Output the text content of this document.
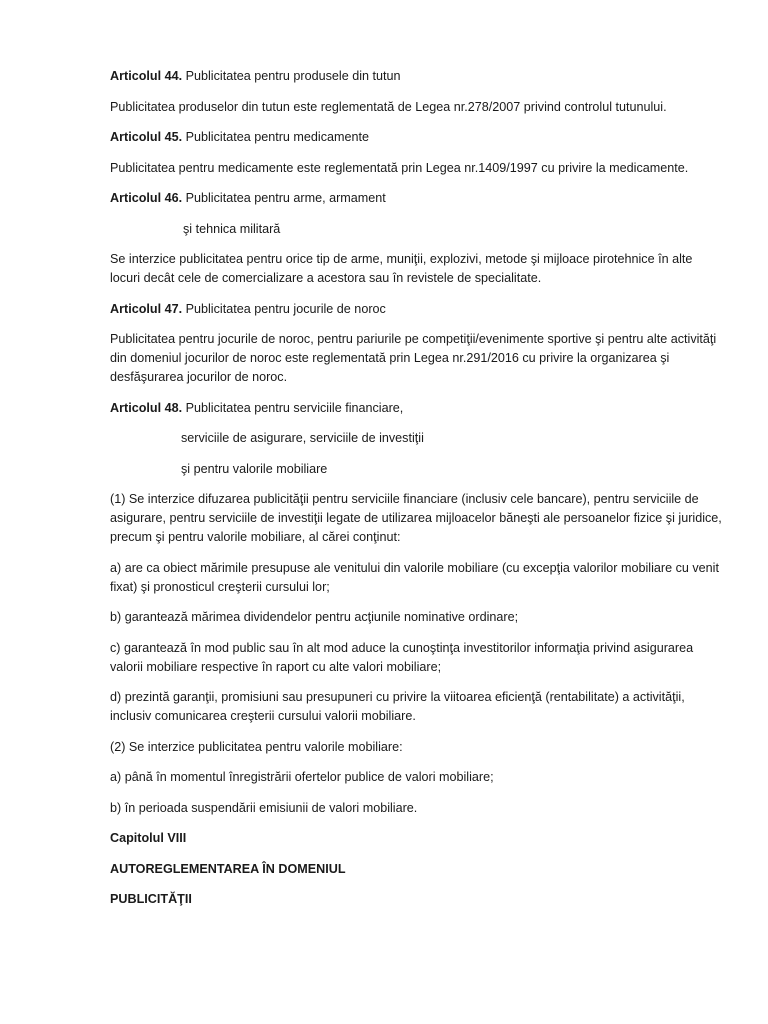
Articolul 44. Publicitatea pentru produsele din tutun

Publicitatea produselor din tutun este reglementată de Legea nr.278/2007 privind controlul tutunului.

Articolul 45. Publicitatea pentru medicamente

Publicitatea pentru medicamente este reglementată prin Legea nr.1409/1997 cu privire la medicamente.

Articolul 46. Publicitatea pentru arme, armament

şi tehnica militară

Se interzice publicitatea pentru orice tip de arme, muniţii, explozivi, metode şi mijloace pirotehnice în alte locuri decât cele de comercializare a acestora sau în revistele de specialitate.

Articolul 47. Publicitatea pentru jocurile de noroc

Publicitatea pentru jocurile de noroc, pentru pariurile pe competiţii/evenimente sportive şi pentru alte activităţi din domeniul jocurilor de noroc este reglementată prin Legea nr.291/2016 cu privire la organizarea şi desfăşurarea jocurilor de noroc.

Articolul 48. Publicitatea pentru serviciile financiare,

serviciile de asigurare, serviciile de investiţii

şi pentru valorile mobiliare

(1) Se interzice difuzarea publicităţii pentru serviciile financiare (inclusiv cele bancare), pentru serviciile de asigurare, pentru serviciile de investiţii legate de utilizarea mijloacelor băneşti ale persoanelor fizice şi juridice, precum şi pentru valorile mobiliare, al cărei conţinut:

a) are ca obiect mărimile presupuse ale venitului din valorile mobiliare (cu excepţia valorilor mobiliare cu venit fixat) şi pronosticul creşterii cursului lor;

b) garantează mărimea dividendelor pentru acţiunile nominative ordinare;

c) garantează în mod public sau în alt mod aduce la cunoştinţa investitorilor informaţia privind asigurarea valorii mobiliare respective în raport cu alte valori mobiliare;

d) prezintă garanţii, promisiuni sau presupuneri cu privire la viitoarea eficienţă (rentabilitate) a activităţii, inclusiv comunicarea creşterii cursului valorii mobiliare.

(2) Se interzice publicitatea pentru valorile mobiliare:

a) până în momentul înregistrării ofertelor publice de valori mobiliare;

b) în perioada suspendării emisiunii de valori mobiliare.

Capitolul VIII

AUTOREGLEMENTAREA ÎN DOMENIUL

PUBLICITĂŢII
